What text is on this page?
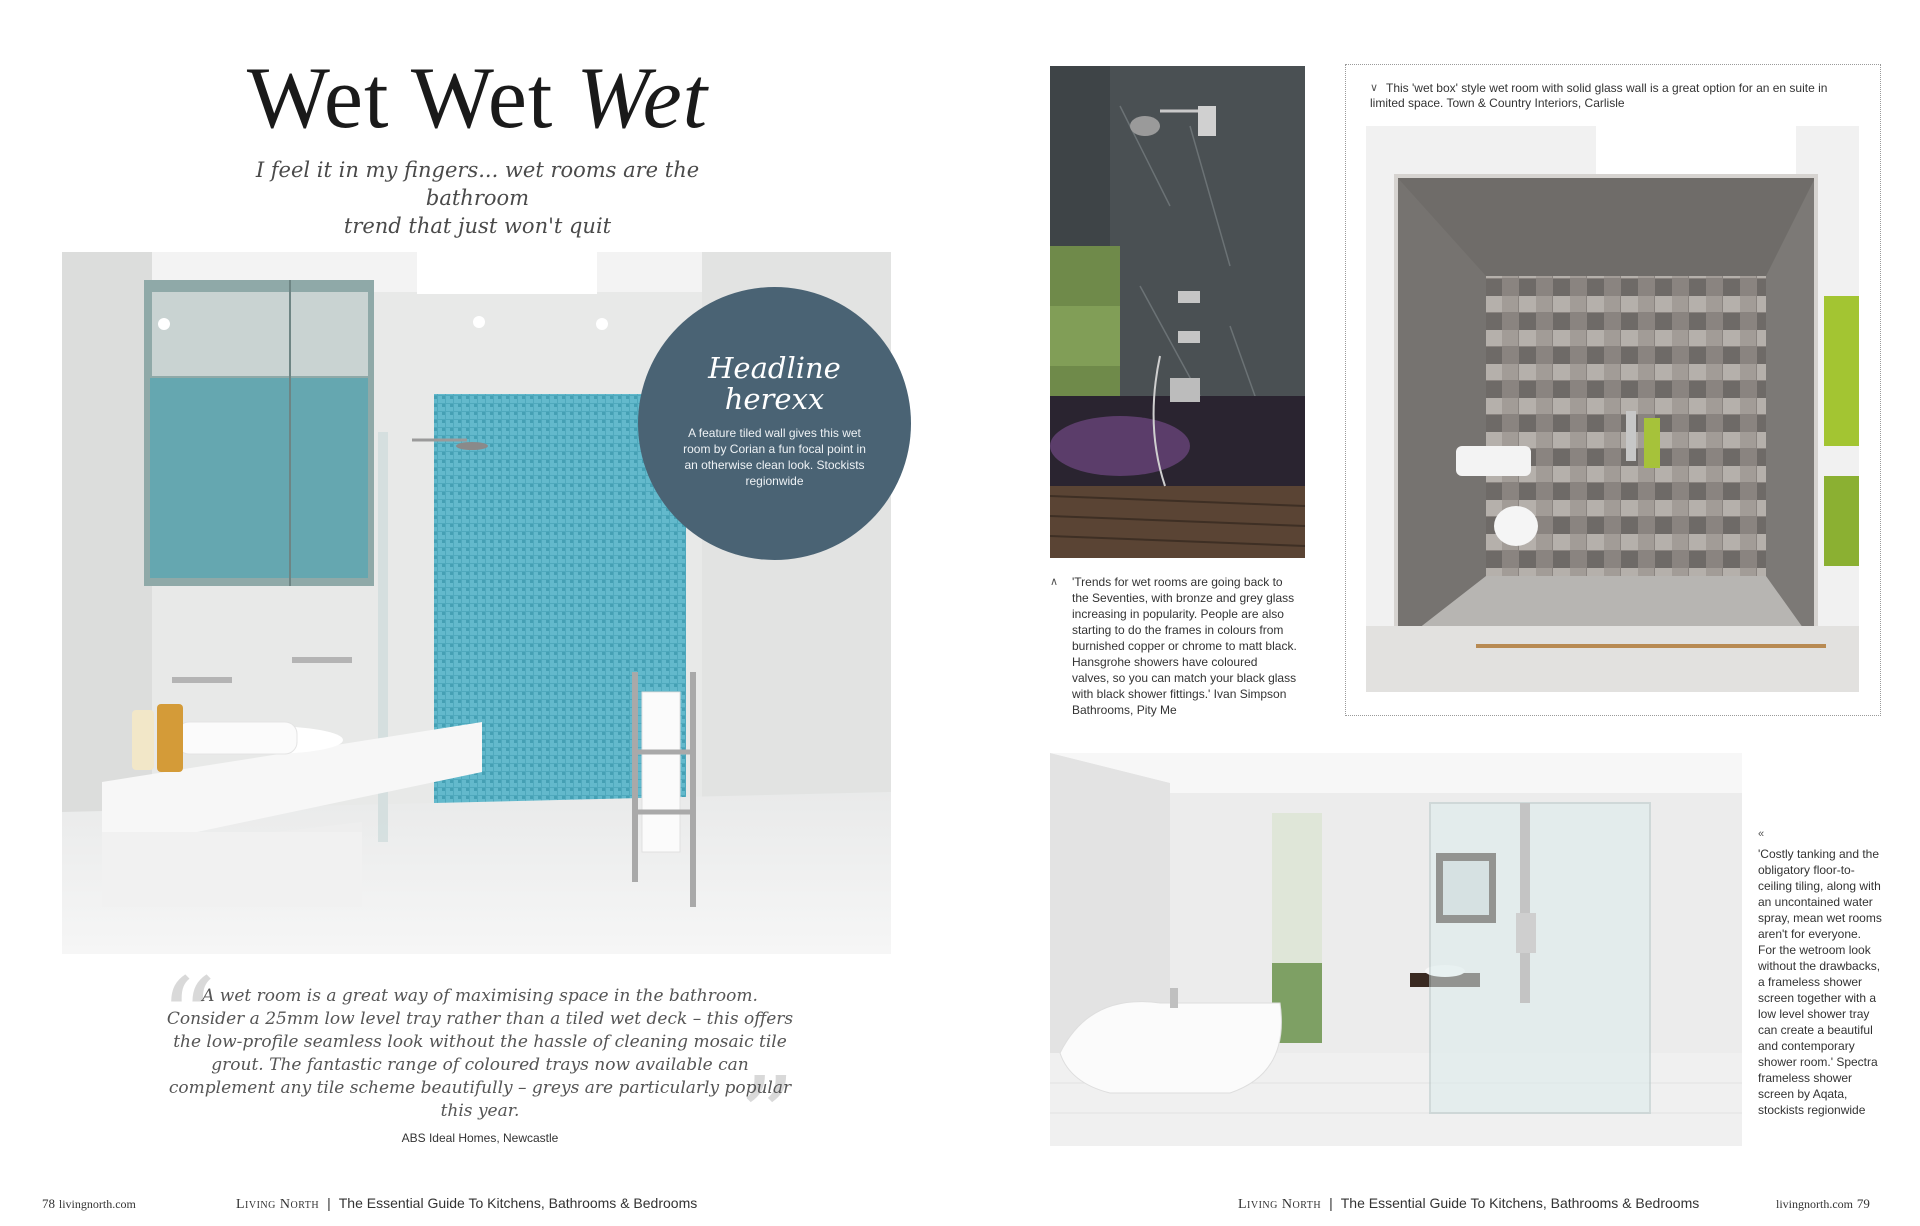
Wet Wet Wet
I feel it in my fingers... wet rooms are the bathroom
trend that just won't quit
Headline
herexx
A feature tiled wall gives this wet room by Corian a fun focal point in an otherwise clean look. Stockists regionwide
“
”
A wet room is a great way of maximising space in the bathroom. Consider a 25mm low level tray rather than a tiled wet deck – this offers the low-profile seamless look without the hassle of cleaning mosaic tile grout. The fantastic range of coloured trays now available can complement any tile scheme beautifully – greys are particularly popular this year.
ABS Ideal Homes, Newcastle
78 livingnorth.com	Living North | The Essential Guide To Kitchens, Bathrooms & Bedrooms
∨ This 'wet box' style wet room with solid glass wall is a great option for an en suite in limited space. Town & Country Interiors, Carlisle
∧	'Trends for wet rooms are going back to the Seventies, with bronze and grey glass increasing in popularity. People are also starting to do the frames in colours from burnished copper or chrome to matt black. Hansgrohe showers have coloured valves, so you can match your black glass with black shower fittings.' Ivan Simpson Bathrooms, Pity Me

«

'Costly tanking and the obligatory floor-to-ceiling tiling, along with an uncontained water spray, mean wet rooms aren't for everyone. For the wetroom look without the drawbacks, a frameless shower screen together with a low level shower tray can create a beautiful and contemporary shower room.' Spectra frameless shower screen by Aqata, stockists regionwide

Living North | The Essential Guide To Kitchens, Bathrooms & Bedrooms	livingnorth.com 79
